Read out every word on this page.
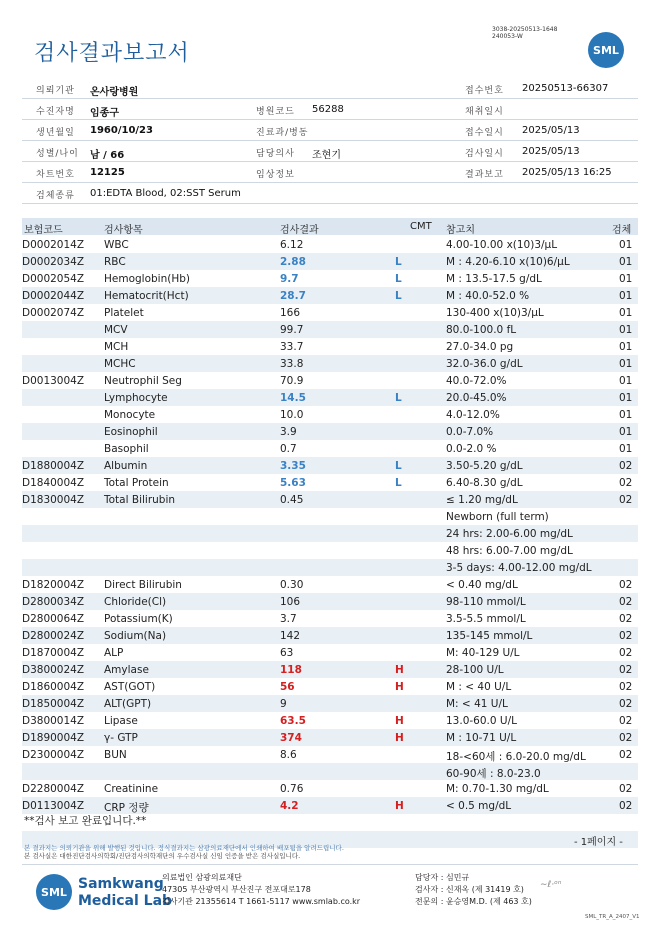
3038-20250513-1648
240053-W
검사결과보고서	SML
의뢰기관 온사랑병원	접수번호 20250513-66307
수진자명 임종구	병원코드 56288	채취일시
생년월일 1960/10/23	진료과/병동	접수일시 2025/05/13
성별/나이 남 / 66	담당의사 조현기	검사일시 2025/05/13
차트번호 12125	임상정보	결과보고 2025/05/13 16:25
검체종류 01:EDTA Blood, 02:SST Serum
보험코드	검사항목	검사결과	CMT 참고치	검체
D0002014Z WBC	6.12	4.00-10.00 x(10)3/µL	01
D0002034Z RBC	2.88	L	M : 4.20-6.10 x(10)6/µL	01
D0002054Z Hemoglobin(Hb)	9.7	L	M : 13.5-17.5 g/dL	01
D0002044Z Hematocrit(Hct)	28.7	L	M : 40.0-52.0 %	01
D0002074Z Platelet	166	130-400 x(10)3/µL	01
MCV	99.7	80.0-100.0 fL	01
MCH	33.7	27.0-34.0 pg	01
MCHC	33.8	32.0-36.0 g/dL	01
D0013004Z Neutrophil Seg	70.9	40.0-72.0%	01
Lymphocyte	14.5	L	20.0-45.0%	01
Monocyte	10.0	4.0-12.0%	01
Eosinophil	3.9	0.0-7.0%	01
Basophil	0.7	0.0-2.0 %	01
D1880004Z Albumin	3.35	L	3.50-5.20 g/dL	02
D1840004Z Total Protein	5.63	L	6.40-8.30 g/dL	02
D1830004Z Total Bilirubin	0.45	≤ 1.20 mg/dL	02
Newborn (full term)
24 hrs: 2.00-6.00 mg/dL
48 hrs: 6.00-7.00 mg/dL
3-5 days: 4.00-12.00 mg/dL
D1820004Z Direct Bilirubin	0.30	< 0.40 mg/dL	02
D2800034Z Chloride(Cl)	106	98-110 mmol/L	02
D2800064Z Potassium(K)	3.7	3.5-5.5 mmol/L	02
D2800024Z Sodium(Na)	142	135-145 mmol/L	02
D1870004Z ALP	63	M: 40-129 U/L	02
D3800024Z Amylase	118	H	28-100 U/L	02
D1860004Z AST(GOT)	56	H	M : < 40 U/L	02
D1850004Z ALT(GPT)	9	M: < 41 U/L	02
D3800014Z Lipase	63.5	H	13.0-60.0 U/L	02
D1890004Z γ- GTP	374	H	M : 10-71 U/L	02
D2300004Z BUN	8.6	18-<60세 : 6.0-20.0 mg/dL	02
60-90세 : 8.0-23.0
D2280004Z Creatinine	0.76	M: 0.70-1.30 mg/dL	02
D0113004Z CRP 정량	4.2	H	< 0.5 mg/dL	02
**검사 보고 완료입니다.**
- 1페이지 -
본 결과지는 의뢰기관을 위해 발행된 것입니다. 정식결과지는 삼광의료재단에서 인쇄하여 배포됨을 알려드립니다.
본 검사실은 대한진단검사의학회/진단검사의학재단의 우수검사실 신임 인증을 받은 검사실입니다.
SML Samkwang
Medical Lab
의료법인 삼광의료재단
47305 부산광역시 부산진구 전포대로178
검사기관 21355614 T 1661-5117 www.smlab.co.kr
담당자 : 심민규
검사자 : 신재옥 (제 31419 호)
전문의 : 윤승영M.D. (제 463 호)
∼ℓ·ᵒⁿ
SML_TR_A_2407_V1
